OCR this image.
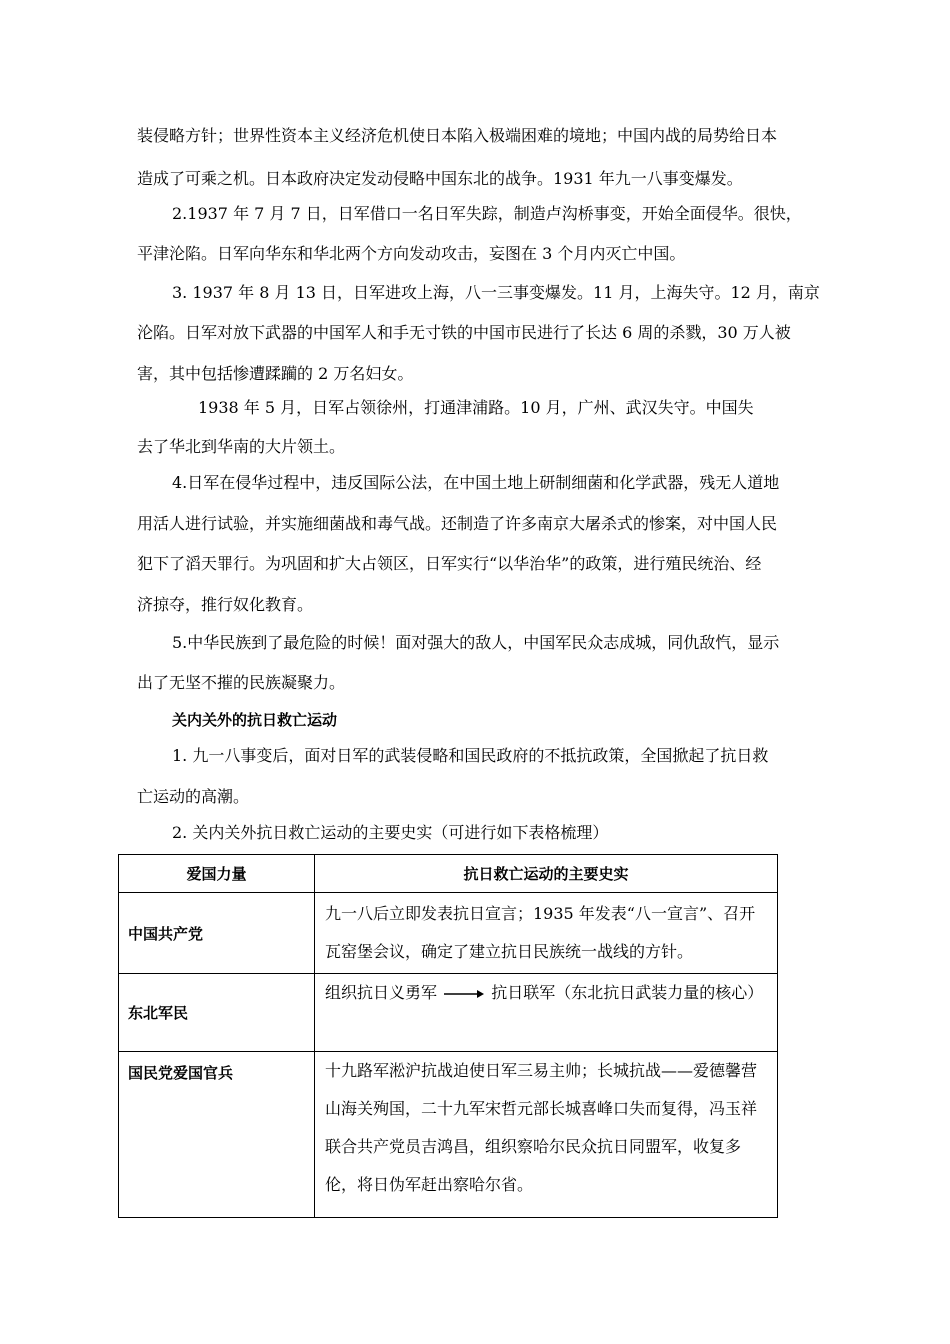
装侵略方针；世界性资本主义经济危机使日本陷入极端困难的境地；中国内战的局势给日本
造成了可乘之机。日本政府决定发动侵略中国东北的战争。1931 年九一八事变爆发。
2.1937 年 7 月 7 日，日军借口一名日军失踪，制造卢沟桥事变，开始全面侵华。很快，
平津沦陷。日军向华东和华北两个方向发动攻击，妄图在 3 个月内灭亡中国。
3. 1937 年 8 月 13 日，日军进攻上海，八一三事变爆发。11 月，上海失守。12 月，南京
沦陷。日军对放下武器的中国军人和手无寸铁的中国市民进行了长达 6 周的杀戮，30 万人被
害，其中包括惨遭蹂躏的 2 万名妇女。
1938 年 5 月，日军占领徐州，打通津浦路。10 月，广州、武汉失守。中国失
去了华北到华南的大片领土。
4.日军在侵华过程中，违反国际公法，在中国土地上研制细菌和化学武器，残无人道地
用活人进行试验，并实施细菌战和毒气战。还制造了许多南京大屠杀式的惨案，对中国人民
犯下了滔天罪行。为巩固和扩大占领区，日军实行“以华治华”的政策，进行殖民统治、经
济掠夺，推行奴化教育。
5.中华民族到了最危险的时候！面对强大的敌人，中国军民众志成城，同仇敌忾，显示
出了无坚不摧的民族凝聚力。
关内关外的抗日救亡运动
1. 九一八事变后，面对日军的武装侵略和国民政府的不抵抗政策，全国掀起了抗日救
亡运动的高潮。
2. 关内关外抗日救亡运动的主要史实（可进行如下表格梳理）
爱国力量	抗日救亡运动的主要史实
中国共产党	九一八后立即发表抗日宣言；1935 年发表“八一宣言”、召开瓦窑堡会议，确定了建立抗日民族统一战线的方针。

东北军民	组织抗日义勇军 抗日联军（东北抗日武装力量的核心）

国民党爱国官兵	十九路军淞沪抗战迫使日军三易主帅；长城抗战——爱德馨营山海关殉国，二十九军宋哲元部长城喜峰口失而复得，冯玉祥联合共产党员吉鸿昌，组织察哈尔民众抗日同盟军，收复多伦，将日伪军赶出察哈尔省。
